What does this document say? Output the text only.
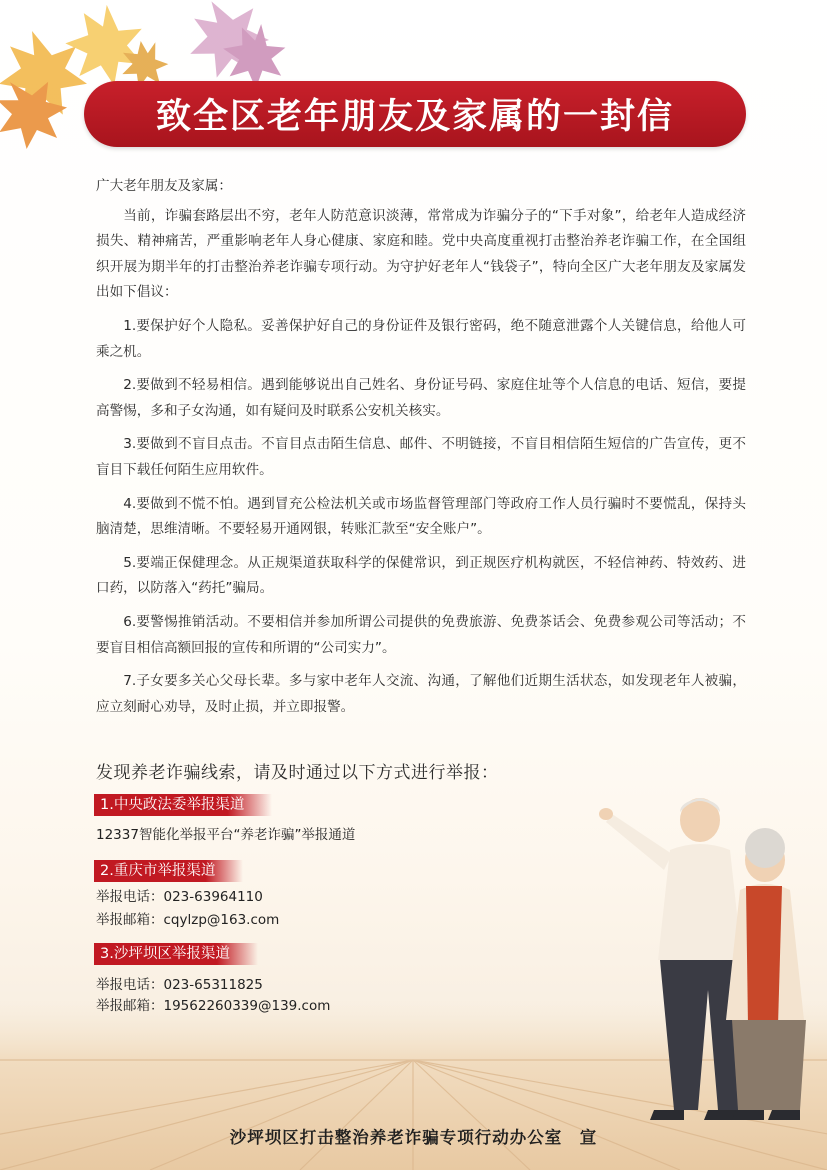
致全区老年朋友及家属的一封信

广大老年朋友及家属：

当前，诈骗套路层出不穷，老年人防范意识淡薄，常常成为诈骗分子的“下手对象”，给老年人造成经济损失、精神痛苦，严重影响老年人身心健康、家庭和睦。党中央高度重视打击整治养老诈骗工作，在全国组织开展为期半年的打击整治养老诈骗专项行动。为守护好老年人“钱袋子”，特向全区广大老年朋友及家属发出如下倡议：

1.要保护好个人隐私。妥善保护好自己的身份证件及银行密码，绝不随意泄露个人关键信息，给他人可乘之机。

2.要做到不轻易相信。遇到能够说出自己姓名、身份证号码、家庭住址等个人信息的电话、短信，要提高警惕，多和子女沟通，如有疑问及时联系公安机关核实。

3.要做到不盲目点击。不盲目点击陌生信息、邮件、不明链接，不盲目相信陌生短信的广告宣传，更不盲目下载任何陌生应用软件。

4.要做到不慌不怕。遇到冒充公检法机关或市场监督管理部门等政府工作人员行骗时不要慌乱，保持头脑清楚，思维清晰。不要轻易开通网银，转账汇款至“安全账户”。

5.要端正保健理念。从正规渠道获取科学的保健常识，到正规医疗机构就医，不轻信神药、特效药、进口药，以防落入“药托”骗局。

6.要警惕推销活动。不要相信并参加所谓公司提供的免费旅游、免费茶话会、免费参观公司等活动；不要盲目相信高额回报的宣传和所谓的“公司实力”。

7.子女要多关心父母长辈。多与家中老年人交流、沟通，了解他们近期生活状态，如发现老年人被骗，应立刻耐心劝导，及时止损，并立即报警。

发现养老诈骗线索，请及时通过以下方式进行举报：
1.中央政法委举报渠道
12337智能化举报平台“养老诈骗”举报通道
2.重庆市举报渠道
举报电话：023-63964110
举报邮箱：cqylzp@163.com
3.沙坪坝区举报渠道
举报电话：023-65311825
举报邮箱：19562260339@139.com
沙坪坝区打击整治养老诈骗专项行动办公室　宣
